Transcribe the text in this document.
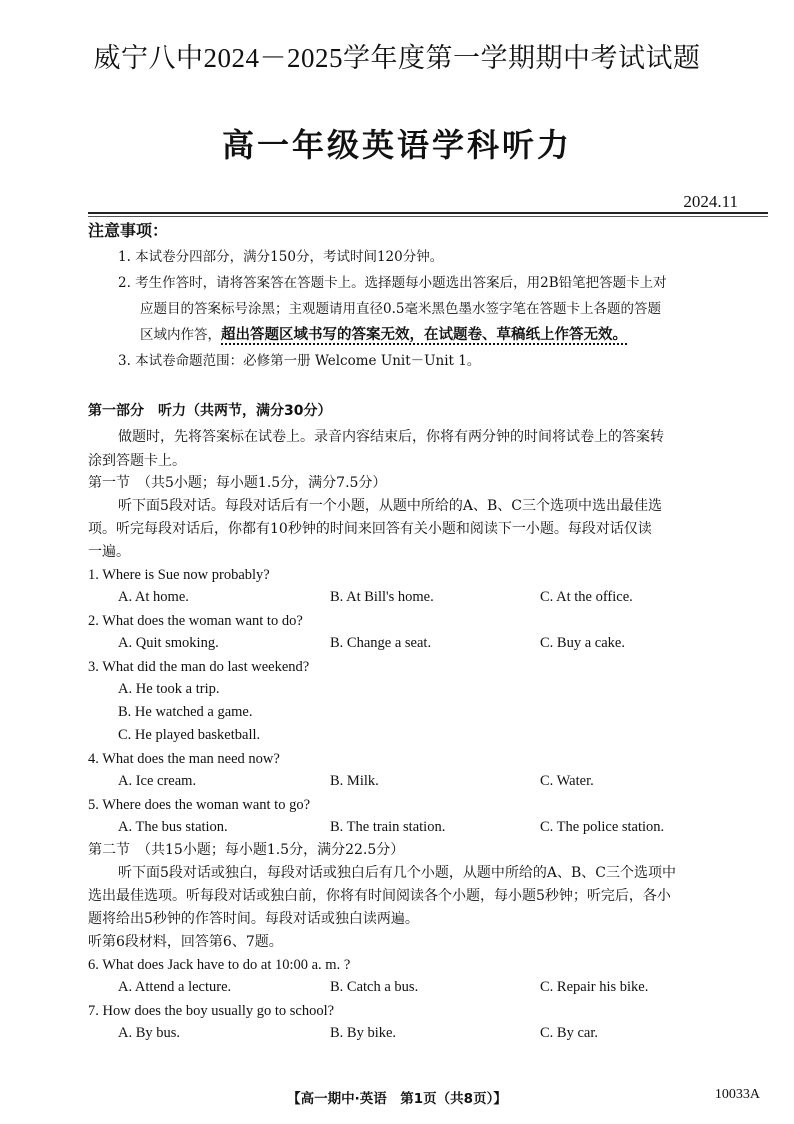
威宁八中2024－2025学年度第一学期期中考试试题
高一年级英语学科听力
2024.11
注意事项：
1. 本试卷分四部分，满分150分，考试时间120分钟。
2. 考生作答时，请将答案答在答题卡上。选择题每小题选出答案后，用2B铅笔把答题卡上对
应题目的答案标号涂黑；主观题请用直径0.5毫米黑色墨水签字笔在答题卡上各题的答题
区域内作答，超出答题区域书写的答案无效，在试题卷、草稿纸上作答无效。
3. 本试卷命题范围：必修第一册 Welcome Unit－Unit 1。
第一部分　听力（共两节，满分30分）
做题时，先将答案标在试卷上。录音内容结束后，你将有两分钟的时间将试卷上的答案转
涂到答题卡上。
第一节　（共5小题；每小题1.5分，满分7.5分）
听下面5段对话。每段对话后有一个小题，从题中所给的A、B、C三个选项中选出最佳选
项。听完每段对话后，你都有10秒钟的时间来回答有关小题和阅读下一小题。每段对话仅读
一遍。
1. Where is Sue now probably?
A. At home.	B. At Bill's home.	C. At the office.
2. What does the woman want to do?
A. Quit smoking.	B. Change a seat.	C. Buy a cake.
3. What did the man do last weekend?
A. He took a trip.
B. He watched a game.
C. He played basketball.
4. What does the man need now?
A. Ice cream.	B. Milk.	C. Water.
5. Where does the woman want to go?
A. The bus station.	B. The train station.	C. The police station.
第二节　（共15小题；每小题1.5分，满分22.5分）
听下面5段对话或独白，每段对话或独白后有几个小题，从题中所给的A、B、C三个选项中
选出最佳选项。听每段对话或独白前，你将有时间阅读各个小题，每小题5秒钟；听完后，各小
题将给出5秒钟的作答时间。每段对话或独白读两遍。
听第6段材料，回答第6、7题。
6. What does Jack have to do at 10:00 a. m. ?
A. Attend a lecture.	B. Catch a bus.	C. Repair his bike.
7. How does the boy usually go to school?
A. By bus.	B. By bike.	C. By car.
【高一期中·英语　第1页（共8页）】	10033A
